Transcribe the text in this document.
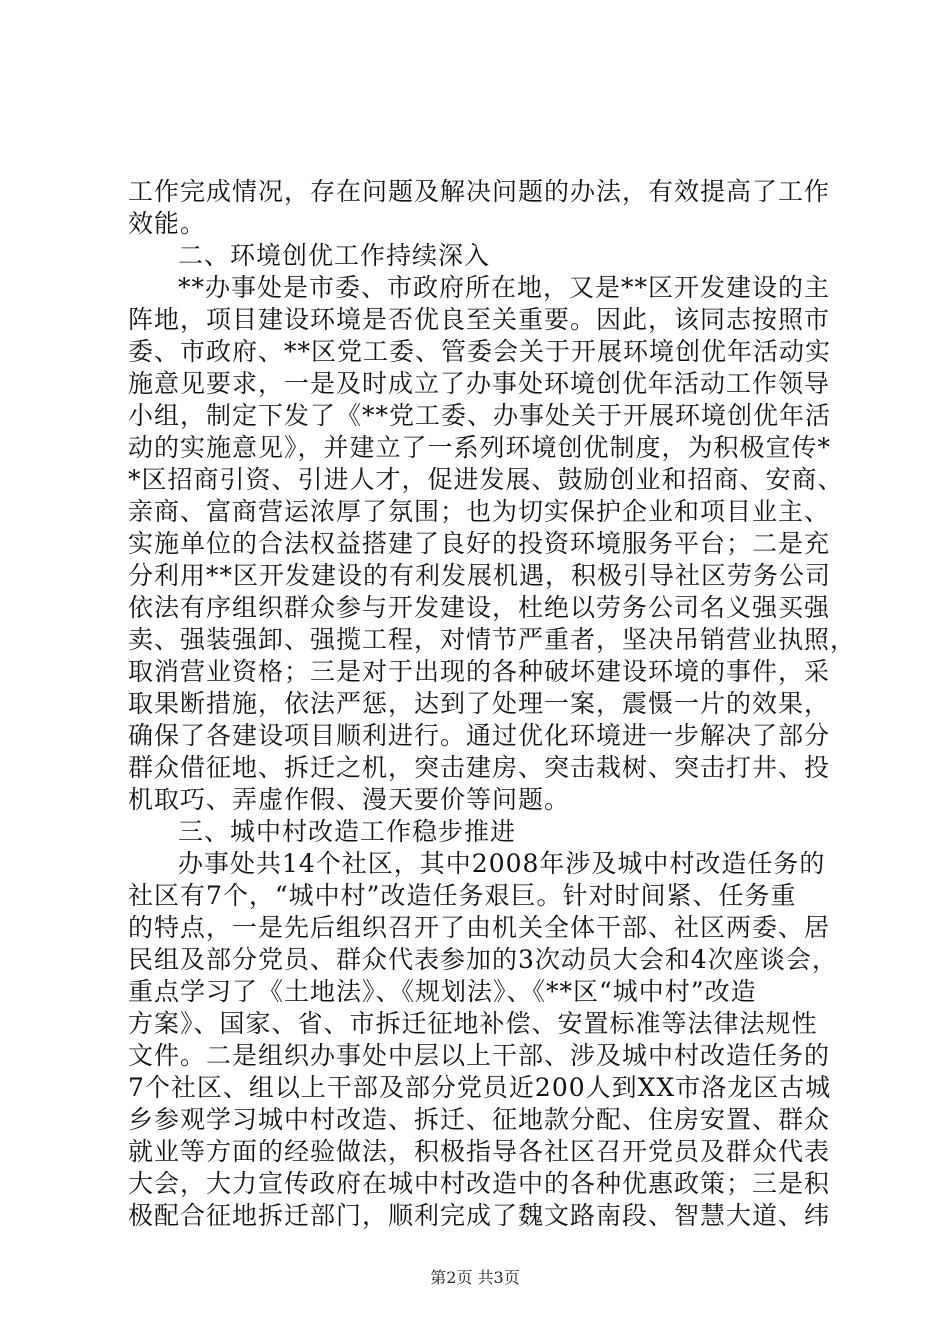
工作完成情况，存在问题及解决问题的办法，有效提高了工作
效能。
二、环境创优工作持续深入
**办事处是市委、市政府所在地，又是**区开发建设的主
阵地，项目建设环境是否优良至关重要。因此，该同志按照市
委、市政府、**区党工委、管委会关于开展环境创优年活动实
施意见要求，一是及时成立了办事处环境创优年活动工作领导
小组，制定下发了《**党工委、办事处关于开展环境创优年活
动的实施意见》，并建立了一系列环境创优制度，为积极宣传*
*区招商引资、引进人才，促进发展、鼓励创业和招商、安商、
亲商、富商营运浓厚了氛围；也为切实保护企业和项目业主、
实施单位的合法权益搭建了良好的投资环境服务平台；二是充
分利用**区开发建设的有利发展机遇，积极引导社区劳务公司
依法有序组织群众参与开发建设，杜绝以劳务公司名义强买强
卖、强装强卸、强揽工程，对情节严重者，坚决吊销营业执照，
取消营业资格；三是对于出现的各种破坏建设环境的事件，采
取果断措施，依法严惩，达到了处理一案，震慑一片的效果，
确保了各建设项目顺利进行。通过优化环境进一步解决了部分
群众借征地、拆迁之机，突击建房、突击栽树、突击打井、投
机取巧、弄虚作假、漫天要价等问题。
三、城中村改造工作稳步推进
办事处共14个社区，其中2008年涉及城中村改造任务的
社区有7个，“城中村”改造任务艰巨。针对时间紧、任务重
的特点，一是先后组织召开了由机关全体干部、社区两委、居
民组及部分党员、群众代表参加的3次动员大会和4次座谈会，
重点学习了《土地法》、《规划法》、《**区“城中村”改造
方案》、国家、省、市拆迁征地补偿、安置标准等法律法规性
文件。二是组织办事处中层以上干部、涉及城中村改造任务的
7个社区、组以上干部及部分党员近200人到XX市洛龙区古城
乡参观学习城中村改造、拆迁、征地款分配、住房安置、群众
就业等方面的经验做法，积极指导各社区召开党员及群众代表
大会，大力宣传政府在城中村改造中的各种优惠政策；三是积
极配合征地拆迁部门，顺利完成了魏文路南段、智慧大道、纬
第2页 共3页
